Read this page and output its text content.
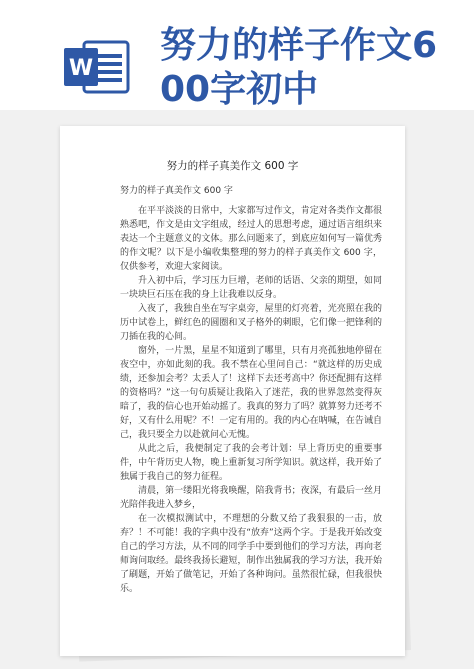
W
努力的样子作文6
00字初中
努力的样子真美作文 600 字

努力的样子真美作文 600 字

在平平淡淡的日常中，大家都写过作文，肯定对各类作文都很熟悉吧，作文是由文字组成，经过人的思想考虑，通过语言组织来表达一个主题意义的文体。那么问题来了，到底应如何写一篇优秀的作文呢？以下是小编收集整理的努力的样子真美作文 600 字，仅供参考，欢迎大家阅读。

升入初中后，学习压力巨增，老师的话语、父亲的期望，如同一块块巨石压在我的身上让我难以反身。

入夜了，我独自坐在写字桌旁，屋里的灯亮着，光亮照在我的历中试卷上，鲜红色的圆圈和叉子格外的刺眼，它们像一把锋利的刀插在我的心间。

窗外，一片黑，星星不知道到了哪里，只有月亮孤独地停留在夜空中，亦如此刻的我。我不禁在心里问自己：“就这样的历史成绩，还参加会考？太丢人了！这样下去还考高中？你还配拥有这样的资格吗？”这一句句质疑让我陷入了迷茫，我的世界忽然变得灰暗了，我的信心也开始动摇了。我真的努力了吗？就算努力还考不好，又有什么用呢？不！一定有用的。我的内心在呐喊，在告诫自己，我只要全力以赴就问心无愧。

从此之后，我便制定了我的会考计划：早上背历史的重要事件，中午背历史人物，晚上重新复习所学知识。就这样，我开始了独属于我自己的努力征程。

清晨，第一缕阳光将我唤醒，陪我背书；夜深，有最后一丝月光陪伴我进入梦乡，

在一次模拟测试中，不理想的分数又给了我狠狠的一击，放弃？！不可能！我的字典中没有“放弃”这两个字。于是我开始改变自己的学习方法，从不同的同学手中要到他们的学习方法，再向老师询问取经。最终我扬长避短，制作出独属我的学习方法，我开始了刷题，开始了做笔记，开始了各种询问。虽然很忙碌，但我很快乐。
